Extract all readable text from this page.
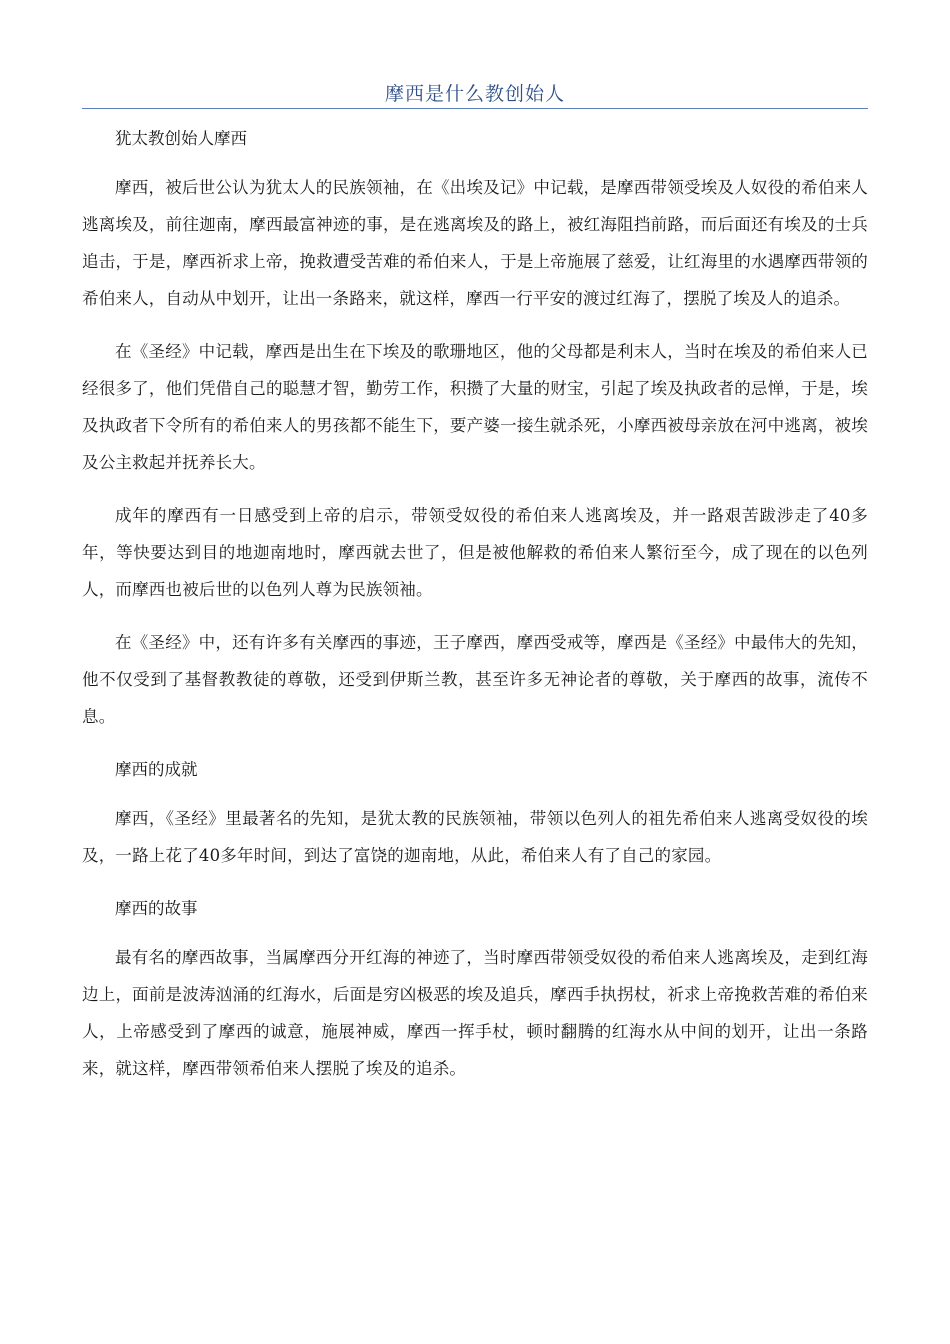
摩西是什么教创始人

犹太教创始人摩西

摩西，被后世公认为犹太人的民族领袖，在《出埃及记》中记载，是摩西带领受埃及人奴役的希伯来人逃离埃及，前往迦南，摩西最富神迹的事，是在逃离埃及的路上，被红海阻挡前路，而后面还有埃及的士兵追击，于是，摩西祈求上帝，挽救遭受苦难的希伯来人，于是上帝施展了慈爱，让红海里的水遇摩西带领的希伯来人，自动从中划开，让出一条路来，就这样，摩西一行平安的渡过红海了，摆脱了埃及人的追杀。

在《圣经》中记载，摩西是出生在下埃及的歌珊地区，他的父母都是利末人，当时在埃及的希伯来人已经很多了，他们凭借自己的聪慧才智，勤劳工作，积攒了大量的财宝，引起了埃及执政者的忌惮，于是，埃及执政者下令所有的希伯来人的男孩都不能生下，要产婆一接生就杀死，小摩西被母亲放在河中逃离，被埃及公主救起并抚养长大。

成年的摩西有一日感受到上帝的启示，带领受奴役的希伯来人逃离埃及，并一路艰苦跋涉走了40多年，等快要达到目的地迦南地时，摩西就去世了，但是被他解救的希伯来人繁衍至今，成了现在的以色列人，而摩西也被后世的以色列人尊为民族领袖。

在《圣经》中，还有许多有关摩西的事迹，王子摩西，摩西受戒等，摩西是《圣经》中最伟大的先知，他不仅受到了基督教教徒的尊敬，还受到伊斯兰教，甚至许多无神论者的尊敬，关于摩西的故事，流传不息。

摩西的成就

摩西，《圣经》里最著名的先知，是犹太教的民族领袖，带领以色列人的祖先希伯来人逃离受奴役的埃及，一路上花了40多年时间，到达了富饶的迦南地，从此，希伯来人有了自己的家园。

摩西的故事

最有名的摩西故事，当属摩西分开红海的神迹了，当时摩西带领受奴役的希伯来人逃离埃及，走到红海边上，面前是波涛汹涌的红海水，后面是穷凶极恶的埃及追兵，摩西手执拐杖，祈求上帝挽救苦难的希伯来人，上帝感受到了摩西的诚意，施展神威，摩西一挥手杖，顿时翻腾的红海水从中间的划开，让出一条路来，就这样，摩西带领希伯来人摆脱了埃及的追杀。
